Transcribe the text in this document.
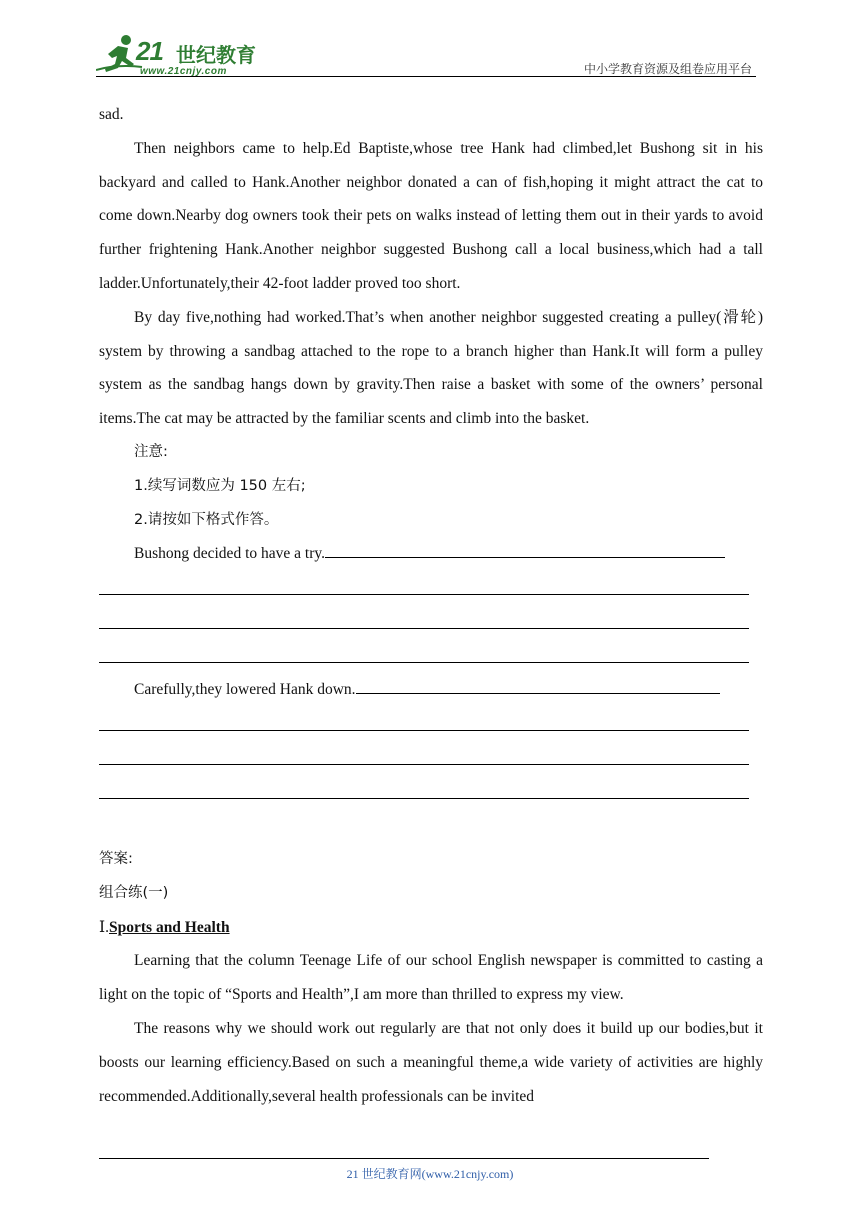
21 世纪教育
www.21cnjy.com	中小学教育资源及组卷应用平台

sad.

Then neighbors came to help.Ed Baptiste,whose tree Hank had climbed,let Bushong sit in his backyard and called to Hank.Another neighbor donated a can of fish,hoping it might attract the cat to come down.Nearby dog owners took their pets on walks instead of letting them out in their yards to avoid further frightening Hank.Another neighbor suggested Bushong call a local business,which had a tall ladder.Unfortunately,their 42-foot ladder proved too short.

By day five,nothing had worked.That’s when another neighbor suggested creating a pulley(滑轮) system by throwing a sandbag attached to the rope to a branch higher than Hank.It will form a pulley system as the sandbag hangs down by gravity.Then raise a basket with some of the owners’ personal items.The cat may be attracted by the familiar scents and climb into the basket.

注意:

1.续写词数应为 150 左右;

2.请按如下格式作答。

Bushong decided to have a try.

Carefully,they lowered Hank down.

答案:

组合练(一)

Ⅰ.Sports and Health

Learning that the column Teenage Life of our school English newspaper is committed to casting a light on the topic of “Sports and Health”,I am more than thrilled to express my view.

The reasons why we should work out regularly are that not only does it build up our bodies,but it boosts our learning efficiency.Based on such a meaningful theme,a wide variety of activities are highly recommended.Additionally,several health professionals can be invited

21 世纪教育网(www.21cnjy.com)
